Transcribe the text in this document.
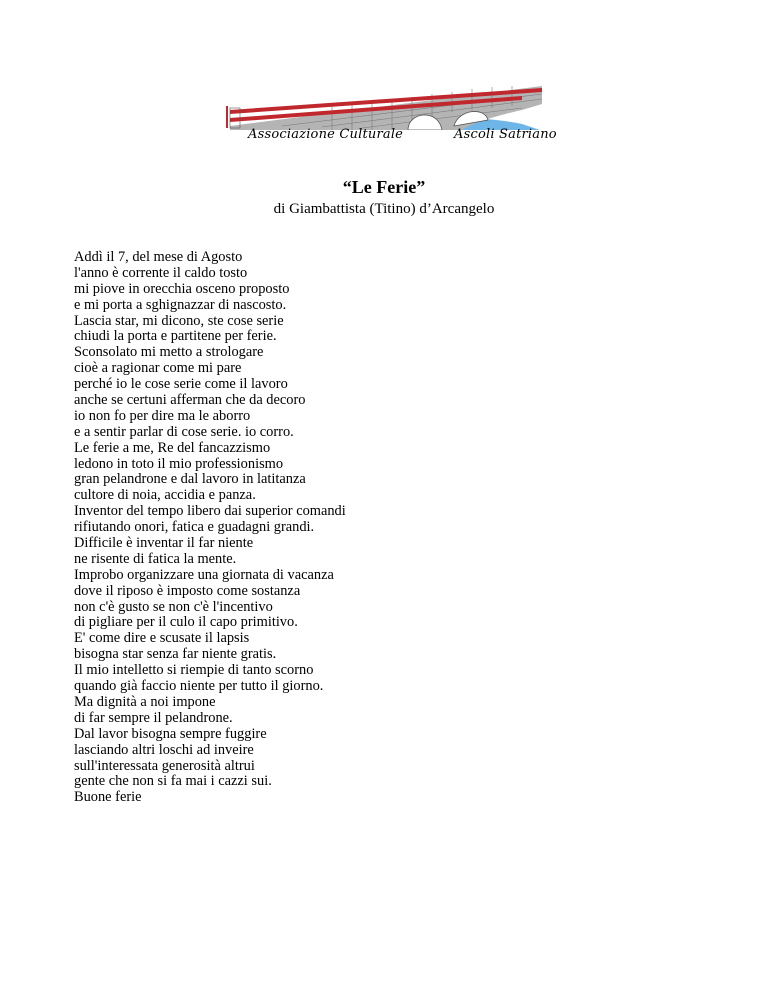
Associazione Culturale	Ascoli Satriano
“Le Ferie”
di Giambattista (Titino) d’Arcangelo
Addì il 7, del mese di Agosto
l'anno è corrente il caldo tosto
mi piove in orecchia osceno proposto
e mi porta a sghignazzar di nascosto.
Lascia star, mi dicono, ste cose serie
chiudi la porta e partitene per ferie.
Sconsolato mi metto a strologare
cioè a ragionar come mi pare
perché io le cose serie come il lavoro
anche se certuni afferman che da decoro
io non fo per dire ma le aborro
e a sentir parlar di cose serie. io corro.
Le ferie a me, Re del fancazzismo
ledono in toto il mio professionismo
gran pelandrone e dal lavoro in latitanza
cultore di noia, accidia e panza.
Inventor del tempo libero dai superior comandi
rifiutando onori, fatica e guadagni grandi.
Difficile è inventar il far niente
ne risente di fatica la mente.
Improbo organizzare una giornata di vacanza
dove il riposo è imposto come sostanza
non c'è gusto se non c'è l'incentivo
di pigliare per il culo il capo primitivo.
E' come dire e scusate il lapsis
bisogna star senza far niente gratis.
Il mio intelletto si riempie di tanto scorno
quando già faccio niente per tutto il giorno.
Ma dignità a noi impone
di far sempre il pelandrone.
Dal lavor bisogna sempre fuggire
lasciando altri loschi ad inveire
sull'interessata generosità altrui
gente che non si fa mai i cazzi sui.
Buone ferie
